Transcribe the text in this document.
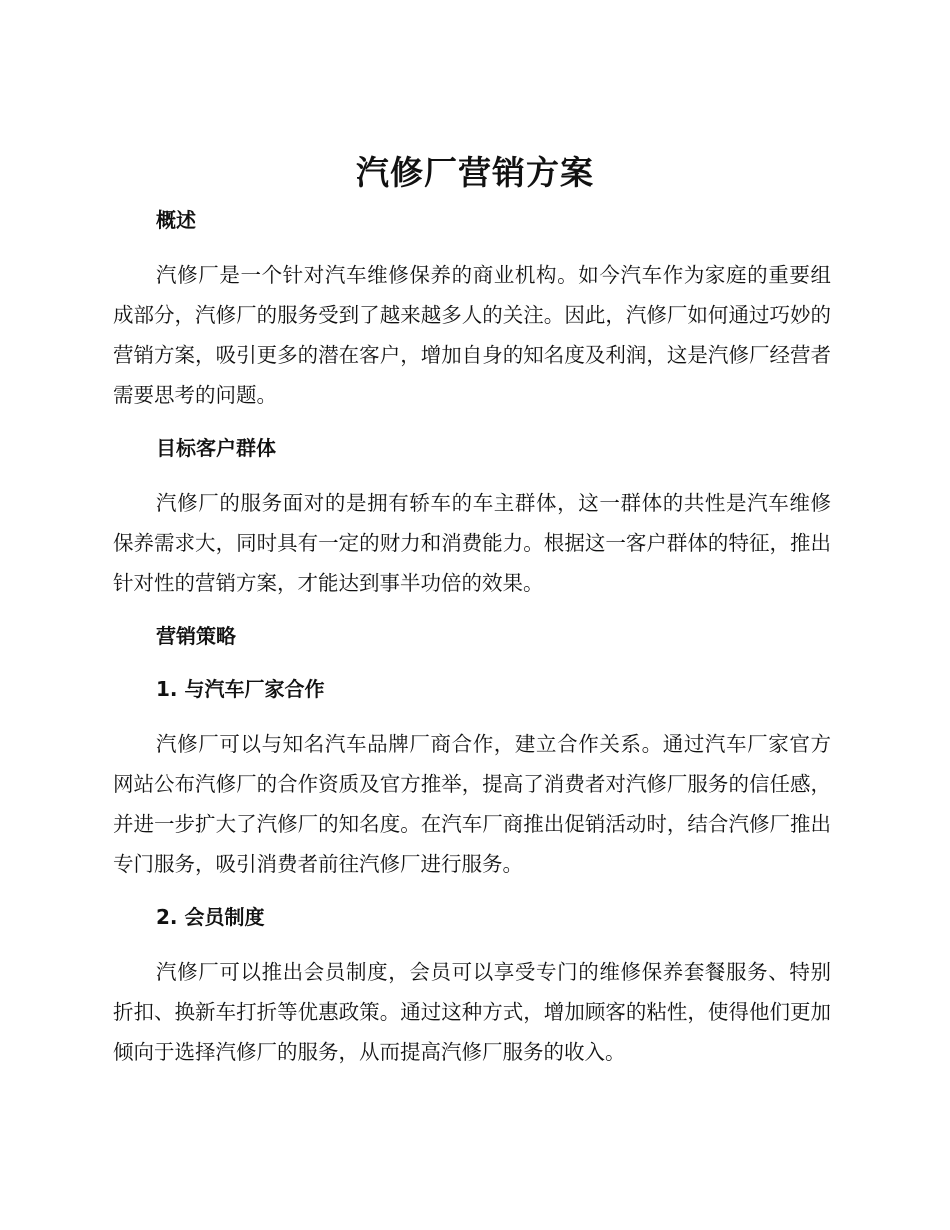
汽修厂营销方案
概述

汽修厂是一个针对汽车维修保养的商业机构。如今汽车作为家庭的重要组成部分，汽修厂的服务受到了越来越多人的关注。因此，汽修厂如何通过巧妙的营销方案，吸引更多的潜在客户，增加自身的知名度及利润，这是汽修厂经营者需要思考的问题。

目标客户群体

汽修厂的服务面对的是拥有轿车的车主群体，这一群体的共性是汽车维修保养需求大，同时具有一定的财力和消费能力。根据这一客户群体的特征，推出针对性的营销方案，才能达到事半功倍的效果。

营销策略
1. 与汽车厂家合作

汽修厂可以与知名汽车品牌厂商合作，建立合作关系。通过汽车厂家官方网站公布汽修厂的合作资质及官方推举，提高了消费者对汽修厂服务的信任感，并进一步扩大了汽修厂的知名度。在汽车厂商推出促销活动时，结合汽修厂推出专门服务，吸引消费者前往汽修厂进行服务。

2. 会员制度

汽修厂可以推出会员制度，会员可以享受专门的维修保养套餐服务、特别折扣、换新车打折等优惠政策。通过这种方式，增加顾客的粘性，使得他们更加倾向于选择汽修厂的服务，从而提高汽修厂服务的收入。
